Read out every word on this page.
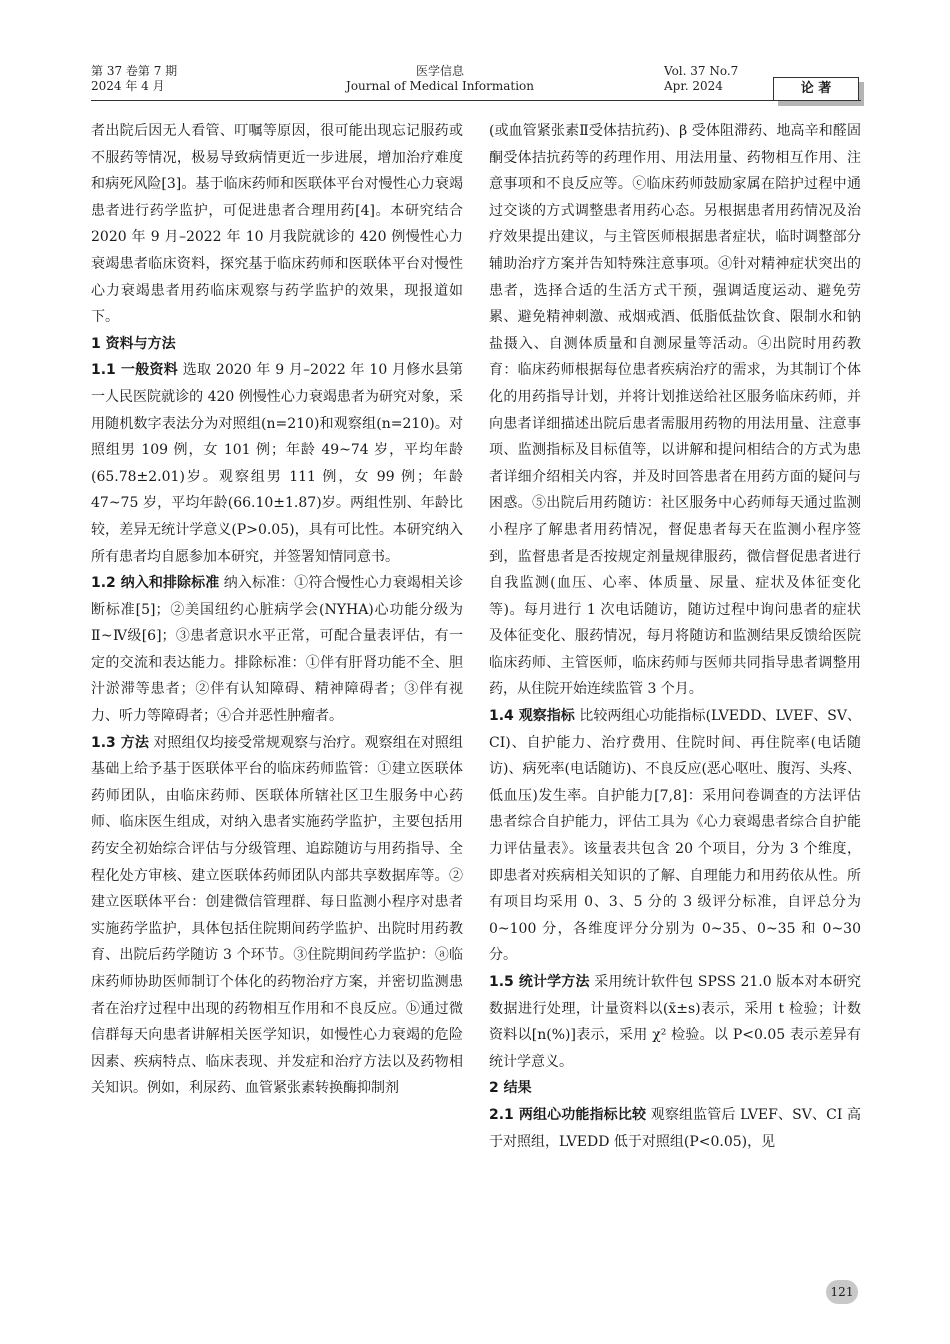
第 37 卷第 7 期
2024 年 4 月
医学信息
Journal of Medical Information
Vol. 37 No.7
Apr. 2024	论 著

者出院后因无人看管、叮嘱等原因，很可能出现忘记服药或不服药等情况，极易导致病情更近一步进展，增加治疗难度和病死风险[3]。基于临床药师和医联体平台对慢性心力衰竭患者进行药学监护，可促进患者合理用药[4]。本研究结合 2020 年 9 月–2022 年 10 月我院就诊的 420 例慢性心力衰竭患者临床资料，探究基于临床药师和医联体平台对慢性心力衰竭患者用药临床观察与药学监护的效果，现报道如下。

1 资料与方法

1.1 一般资料 选取 2020 年 9 月–2022 年 10 月修水县第一人民医院就诊的 420 例慢性心力衰竭患者为研究对象，采用随机数字表法分为对照组(n=210)和观察组(n=210)。对照组男 109 例，女 101 例；年龄 49~74 岁，平均年龄(65.78±2.01)岁。观察组男 111 例，女 99 例；年龄 47~75 岁，平均年龄(66.10±1.87)岁。两组性别、年龄比较，差异无统计学意义(P>0.05)，具有可比性。本研究纳入所有患者均自愿参加本研究，并签署知情同意书。

1.2 纳入和排除标准 纳入标准：①符合慢性心力衰竭相关诊断标准[5]；②美国纽约心脏病学会(NYHA)心功能分级为Ⅱ~Ⅳ级[6]；③患者意识水平正常，可配合量表评估，有一定的交流和表达能力。排除标准：①伴有肝肾功能不全、胆汁淤滞等患者；②伴有认知障碍、精神障碍者；③伴有视力、听力等障碍者；④合并恶性肿瘤者。

1.3 方法 对照组仅均接受常规观察与治疗。观察组在对照组基础上给予基于医联体平台的临床药师监管：①建立医联体药师团队，由临床药师、医联体所辖社区卫生服务中心药师、临床医生组成，对纳入患者实施药学监护，主要包括用药安全初始综合评估与分级管理、追踪随访与用药指导、全程化处方审核、建立医联体药师团队内部共享数据库等。②建立医联体平台：创建微信管理群、每日监测小程序对患者实施药学监护，具体包括住院期间药学监护、出院时用药教育、出院后药学随访 3 个环节。③住院期间药学监护：ⓐ临床药师协助医师制订个体化的药物治疗方案，并密切监测患者在治疗过程中出现的药物相互作用和不良反应。ⓑ通过微信群每天向患者讲解相关医学知识，如慢性心力衰竭的危险因素、疾病特点、临床表现、并发症和治疗方法以及药物相关知识。例如，利尿药、血管紧张素转换酶抑制剂

(或血管紧张素Ⅱ受体拮抗药)、β 受体阻滞药、地高辛和醛固酮受体拮抗药等的药理作用、用法用量、药物相互作用、注意事项和不良反应等。ⓒ临床药师鼓励家属在陪护过程中通过交谈的方式调整患者用药心态。另根据患者用药情况及治疗效果提出建议，与主管医师根据患者症状，临时调整部分辅助治疗方案并告知特殊注意事项。ⓓ针对精神症状突出的患者，选择合适的生活方式干预，强调适度运动、避免劳累、避免精神刺激、戒烟戒酒、低脂低盐饮食、限制水和钠盐摄入、自测体质量和自测尿量等活动。④出院时用药教育：临床药师根据每位患者疾病治疗的需求，为其制订个体化的用药指导计划，并将计划推送给社区服务临床药师，并向患者详细描述出院后患者需服用药物的用法用量、注意事项、监测指标及目标值等，以讲解和提问相结合的方式为患者详细介绍相关内容，并及时回答患者在用药方面的疑问与困惑。⑤出院后用药随访：社区服务中心药师每天通过监测小程序了解患者用药情况，督促患者每天在监测小程序签到，监督患者是否按规定剂量规律服药，微信督促患者进行自我监测(血压、心率、体质量、尿量、症状及体征变化等)。每月进行 1 次电话随访，随访过程中询问患者的症状及体征变化、服药情况，每月将随访和监测结果反馈给医院临床药师、主管医师，临床药师与医师共同指导患者调整用药，从住院开始连续监管 3 个月。

1.4 观察指标 比较两组心功能指标(LVEDD、LVEF、SV、CI)、自护能力、治疗费用、住院时间、再住院率(电话随访)、病死率(电话随访)、不良反应(恶心呕吐、腹泻、头疼、低血压)发生率。自护能力[7,8]：采用问卷调查的方法评估患者综合自护能力，评估工具为《心力衰竭患者综合自护能力评估量表》。该量表共包含 20 个项目，分为 3 个维度，即患者对疾病相关知识的了解、自理能力和用药依从性。所有项目均采用 0、3、5 分的 3 级评分标准，自评总分为 0~100 分，各维度评分分别为 0~35、0~35 和 0~30 分。

1.5 统计学方法 采用统计软件包 SPSS 21.0 版本对本研究数据进行处理，计量资料以(x̄±s)表示，采用 t 检验；计数资料以[n(%)]表示，采用 χ² 检验。以 P<0.05 表示差异有统计学意义。

2 结果

2.1 两组心功能指标比较 观察组监管后 LVEF、SV、CI 高于对照组，LVEDD 低于对照组(P<0.05)，见

121
